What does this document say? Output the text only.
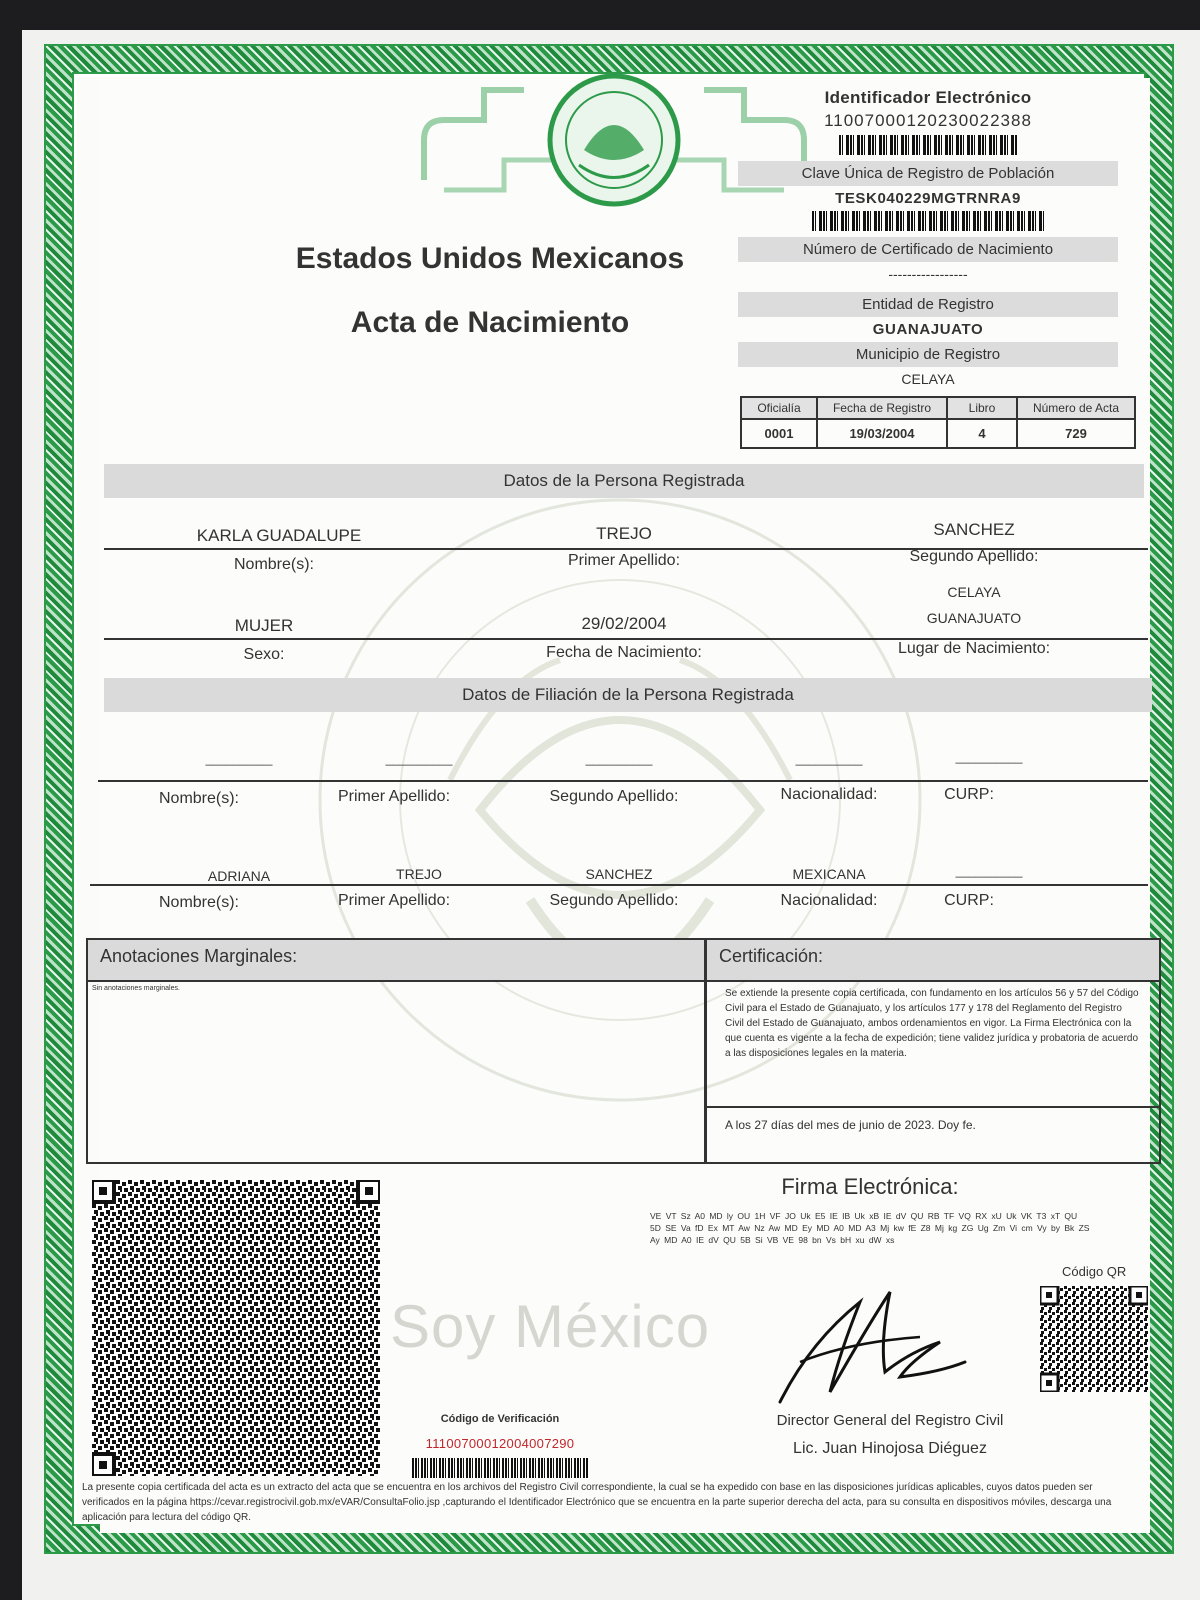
Identificador Electrónico
11007000120230022388
Clave Única de Registro de Población
TESK040229MGTRNRA9
Número de Certificado de Nacimiento
-----------------
Entidad de Registro
GUANAJUATO
Municipio de Registro
CELAYA
Estados Unidos Mexicanos
Acta de Nacimiento
Oficialía	Fecha de Registro	Libro	Número de Acta
0001	19/03/2004	4	729
Datos de la Persona Registrada
KARLA GUADALUPE	TREJO	SANCHEZ
Nombre(s):	Primer Apellido:	Segundo Apellido:
CELAYA
MUJER	29/02/2004	GUANAJUATO
Sexo:	Fecha de Nacimiento:	Lugar de Nacimiento:
Datos de Filiación de la Persona Registrada
__________	__________	__________	__________	__________
Nombre(s):	Primer Apellido:	Segundo Apellido:	Nacionalidad:	CURP:
ADRIANA	TREJO	SANCHEZ	MEXICANA	__________
Nombre(s):	Primer Apellido:	Segundo Apellido:	Nacionalidad:	CURP:
Anotaciones Marginales:
Sin anotaciones marginales.
Certificación:
Se extiende la presente copia certificada, con fundamento en los artículos 56 y 57 del Código Civil para el Estado de Guanajuato, y los artículos 177 y 178 del Reglamento del Registro Civil del Estado de Guanajuato, ambos ordenamientos en vigor. La Firma Electrónica con la que cuenta es vigente a la fecha de expedición; tiene validez jurídica y probatoria de acuerdo a las disposiciones legales en la materia.
A los 27 días del mes de junio de 2023. Doy fe.
Soy México
Código de Verificación
11100700012004007290
Firma Electrónica:
VE VT Sz A0 MD ly OU 1H VF JO Uk E5 IE IB Uk xB IE dV QU RB TF VQ RX xU Uk VK T3 xT QU 5D SE Va fD Ex MT Aw Nz Aw MD Ey MD A0 MD A3 Mj kw fE Z8 Mj kg ZG Ug Zm Vi cm Vy by Bk ZS Ay MD A0 IE dV QU 5B Si VB VE 98 bn Vs bH xu dW xs
Código QR
Director General del Registro Civil
Lic. Juan Hinojosa Diéguez
La presente copia certificada del acta es un extracto del acta que se encuentra en los archivos del Registro Civil correspondiente, la cual se ha expedido con base en las disposiciones jurídicas aplicables, cuyos datos pueden ser verificados en la página https://cevar.registrocivil.gob.mx/eVAR/ConsultaFolio.jsp ,capturando el Identificador Electrónico que se encuentra en la parte superior derecha del acta, para su consulta en dispositivos móviles, descarga una aplicación para lectura del código QR.
